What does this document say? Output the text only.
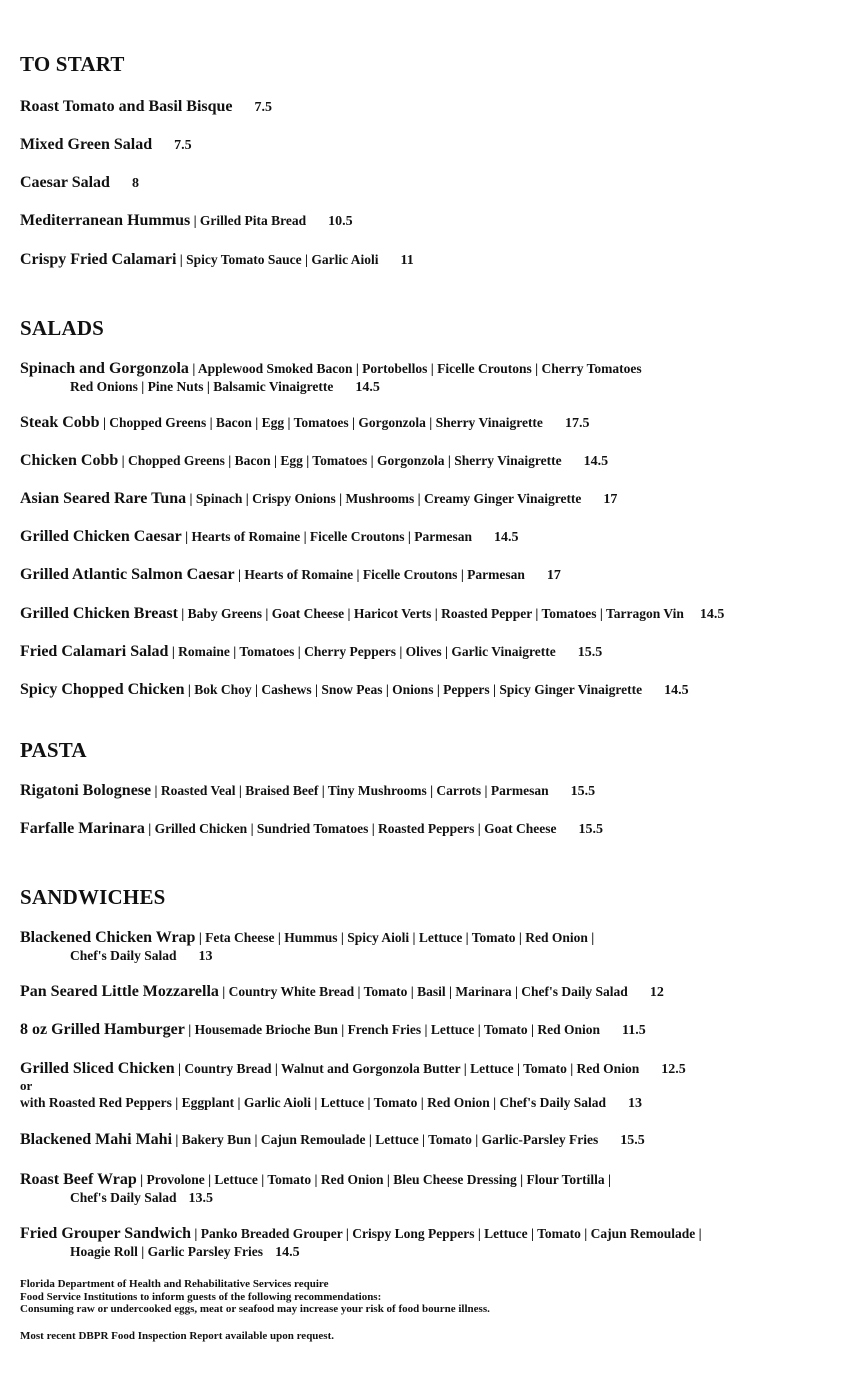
TO START
Roast Tomato and Basil Bisque 7.5
Mixed Green Salad 7.5
Caesar Salad 8
Mediterranean Hummus | Grilled Pita Bread 10.5
Crispy Fried Calamari | Spicy Tomato Sauce | Garlic Aioli 11
SALADS
Spinach and Gorgonzola | Applewood Smoked Bacon | Portobellos | Ficelle Croutons | Cherry Tomatoes
Red Onions | Pine Nuts | Balsamic Vinaigrette 14.5
Steak Cobb | Chopped Greens | Bacon | Egg | Tomatoes | Gorgonzola | Sherry Vinaigrette 17.5
Chicken Cobb | Chopped Greens | Bacon | Egg | Tomatoes | Gorgonzola | Sherry Vinaigrette 14.5
Asian Seared Rare Tuna | Spinach | Crispy Onions | Mushrooms | Creamy Ginger Vinaigrette 17
Grilled Chicken Caesar | Hearts of Romaine | Ficelle Croutons | Parmesan 14.5
Grilled Atlantic Salmon Caesar | Hearts of Romaine | Ficelle Croutons | Parmesan 17
Grilled Chicken Breast | Baby Greens | Goat Cheese | Haricot Verts | Roasted Pepper | Tomatoes | Tarragon Vin 14.5
Fried Calamari Salad | Romaine | Tomatoes | Cherry Peppers | Olives | Garlic Vinaigrette 15.5
Spicy Chopped Chicken | Bok Choy | Cashews | Snow Peas | Onions | Peppers | Spicy Ginger Vinaigrette 14.5
PASTA
Rigatoni Bolognese | Roasted Veal | Braised Beef | Tiny Mushrooms | Carrots | Parmesan 15.5
Farfalle Marinara | Grilled Chicken | Sundried Tomatoes | Roasted Peppers | Goat Cheese 15.5
SANDWICHES
Blackened Chicken Wrap | Feta Cheese | Hummus | Spicy Aioli | Lettuce | Tomato | Red Onion |
Chef's Daily Salad 13
Pan Seared Little Mozzarella | Country White Bread | Tomato | Basil | Marinara | Chef's Daily Salad 12
8 oz Grilled Hamburger | Housemade Brioche Bun | French Fries | Lettuce | Tomato | Red Onion 11.5
Grilled Sliced Chicken | Country Bread | Walnut and Gorgonzola Butter | Lettuce | Tomato | Red Onion 12.5
or
with Roasted Red Peppers | Eggplant | Garlic Aioli | Lettuce | Tomato | Red Onion | Chef's Daily Salad 13
Blackened Mahi Mahi | Bakery Bun | Cajun Remoulade | Lettuce | Tomato | Garlic-Parsley Fries 15.5
Roast Beef Wrap | Provolone | Lettuce | Tomato | Red Onion | Bleu Cheese Dressing | Flour Tortilla |
Chef's Daily Salad 13.5
Fried Grouper Sandwich | Panko Breaded Grouper | Crispy Long Peppers | Lettuce | Tomato | Cajun Remoulade |
Hoagie Roll | Garlic Parsley Fries 14.5
Florida Department of Health and Rehabilitative Services require
Food Service Institutions to inform guests of the following recommendations:
Consuming raw or undercooked eggs, meat or seafood may increase your risk of food bourne illness.
Most recent DBPR Food Inspection Report available upon request.
